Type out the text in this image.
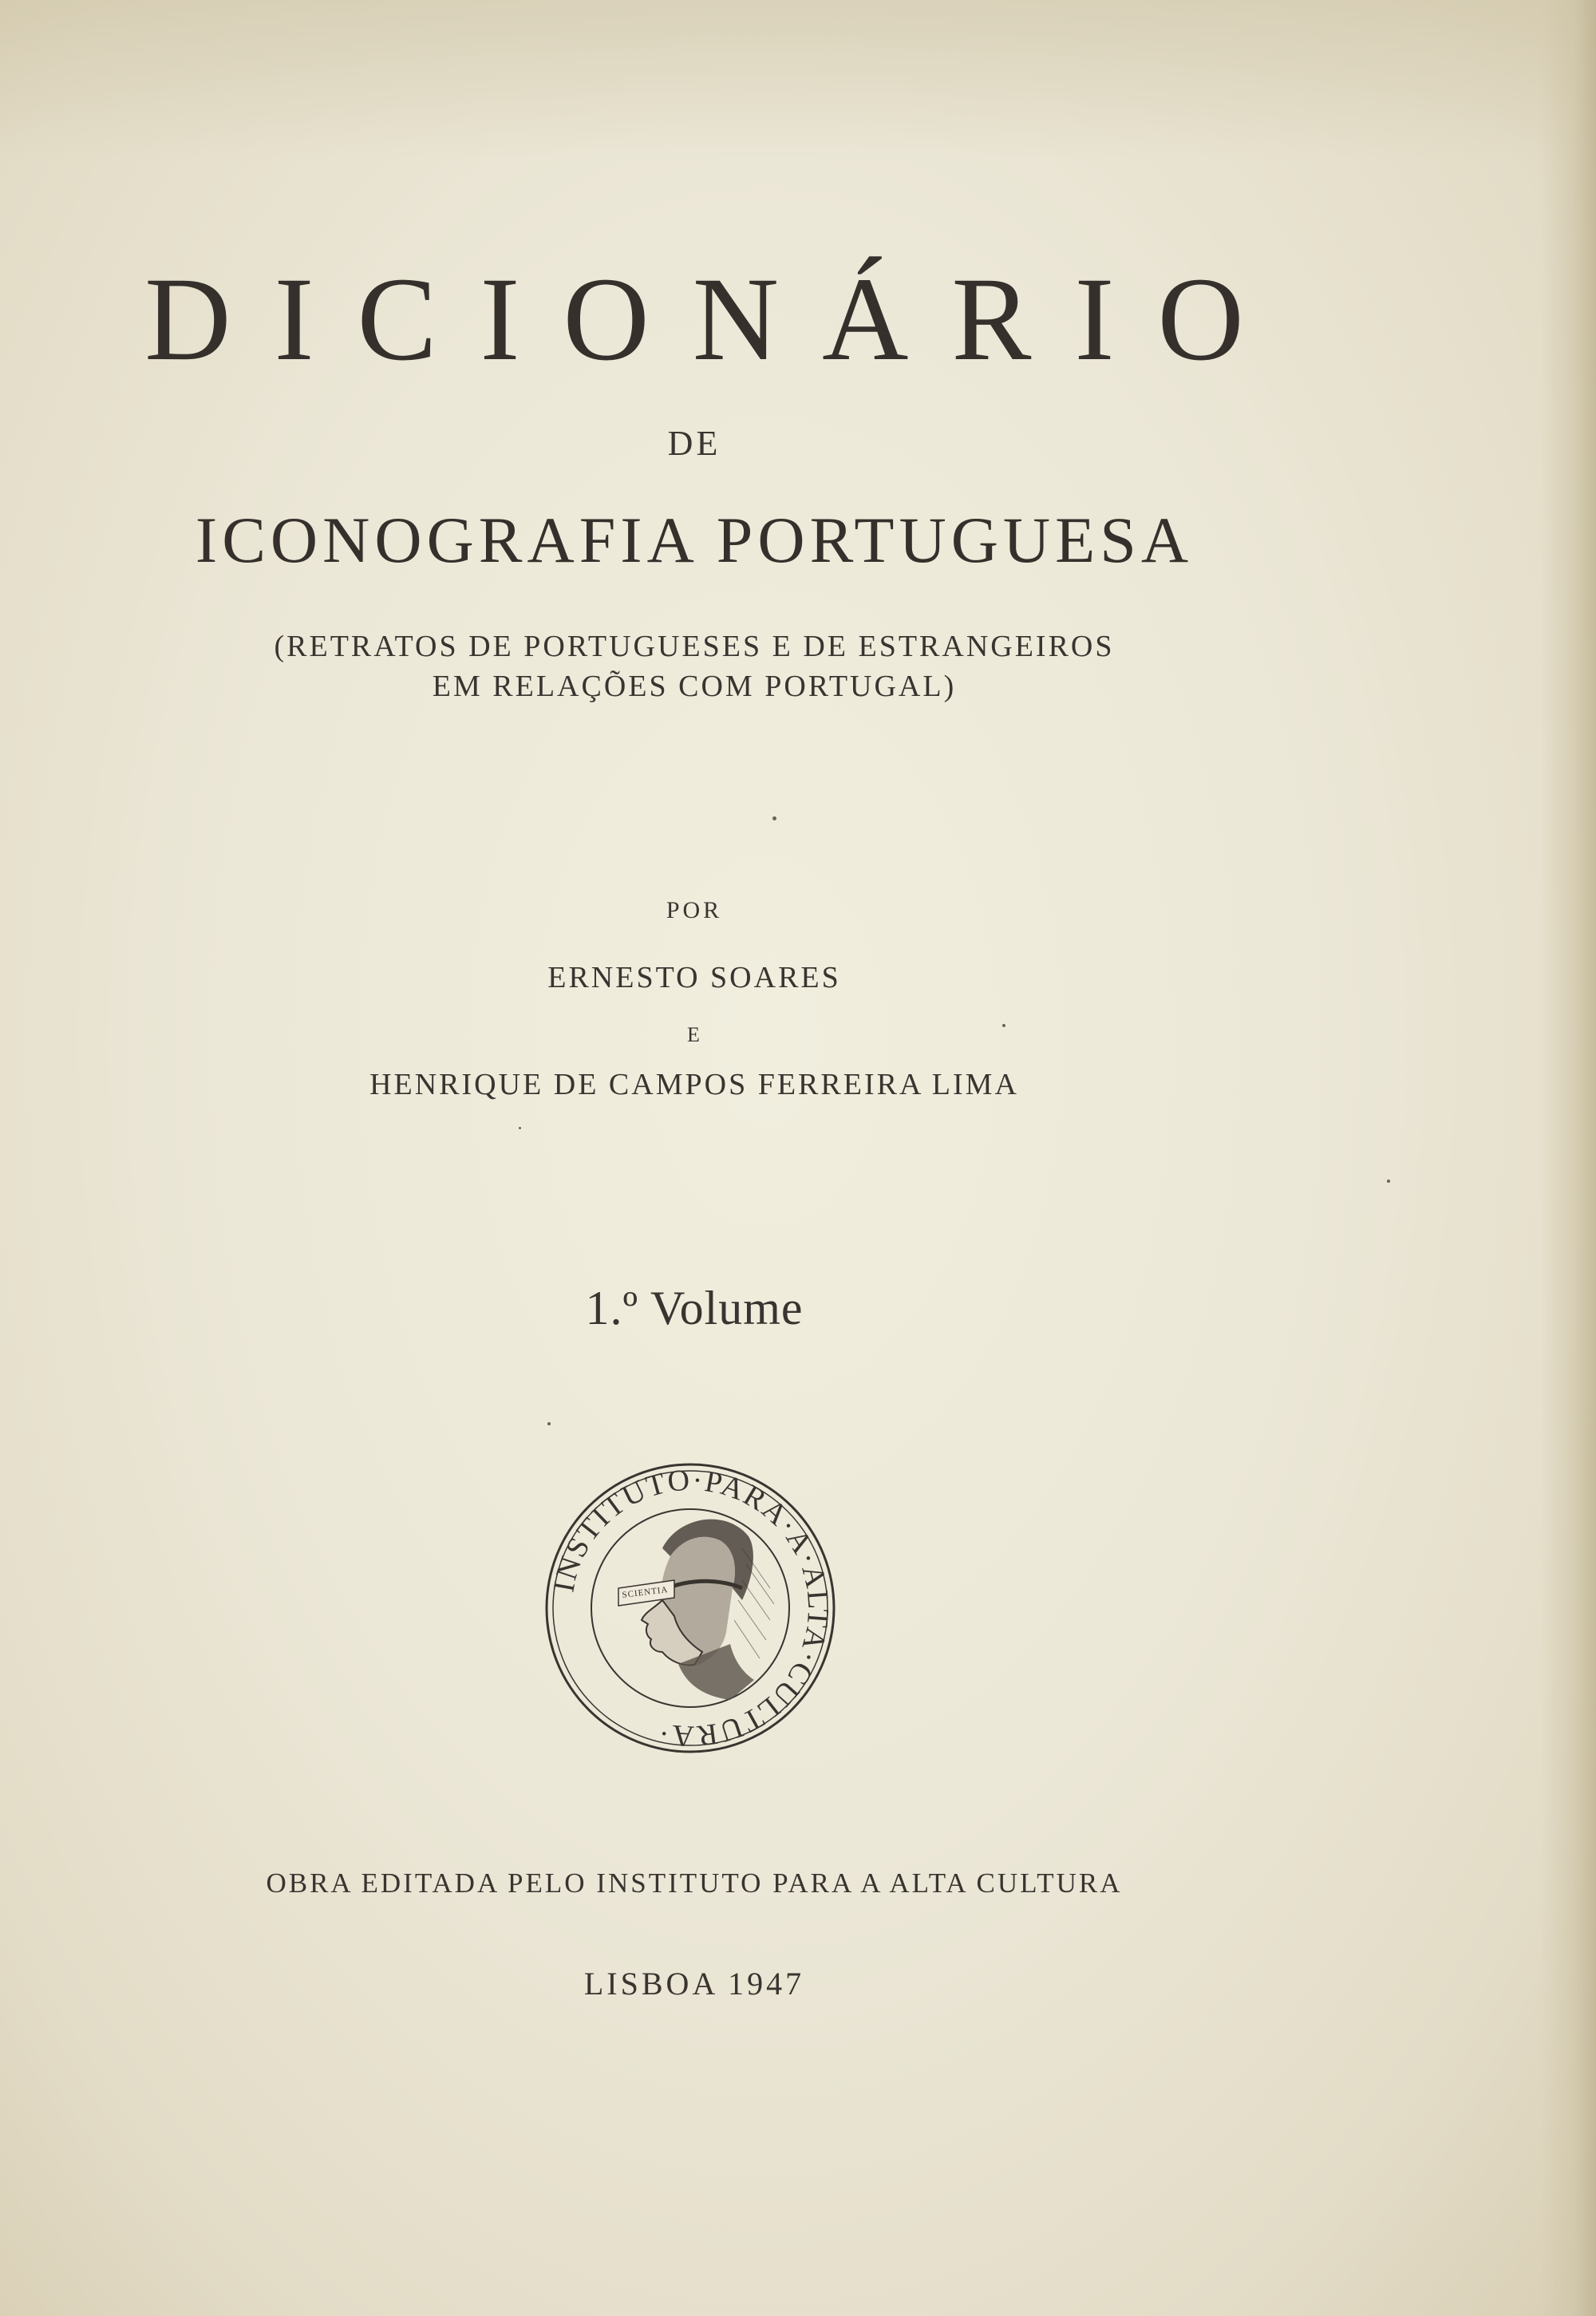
DICIONÁRIO
DE
ICONOGRAFIA PORTUGUESA
(RETRATOS DE PORTUGUESES E DE ESTRANGEIROS
EM RELAÇÕES COM PORTUGAL)
POR
ERNESTO SOARES
E
HENRIQUE DE CAMPOS FERREIRA LIMA
1.º Volume
INSTITUTO·PARA·A·ALTA·CULTURA·
SCIENTIA
OBRA EDITADA PELO INSTITUTO PARA A ALTA CULTURA
LISBOA 1947
